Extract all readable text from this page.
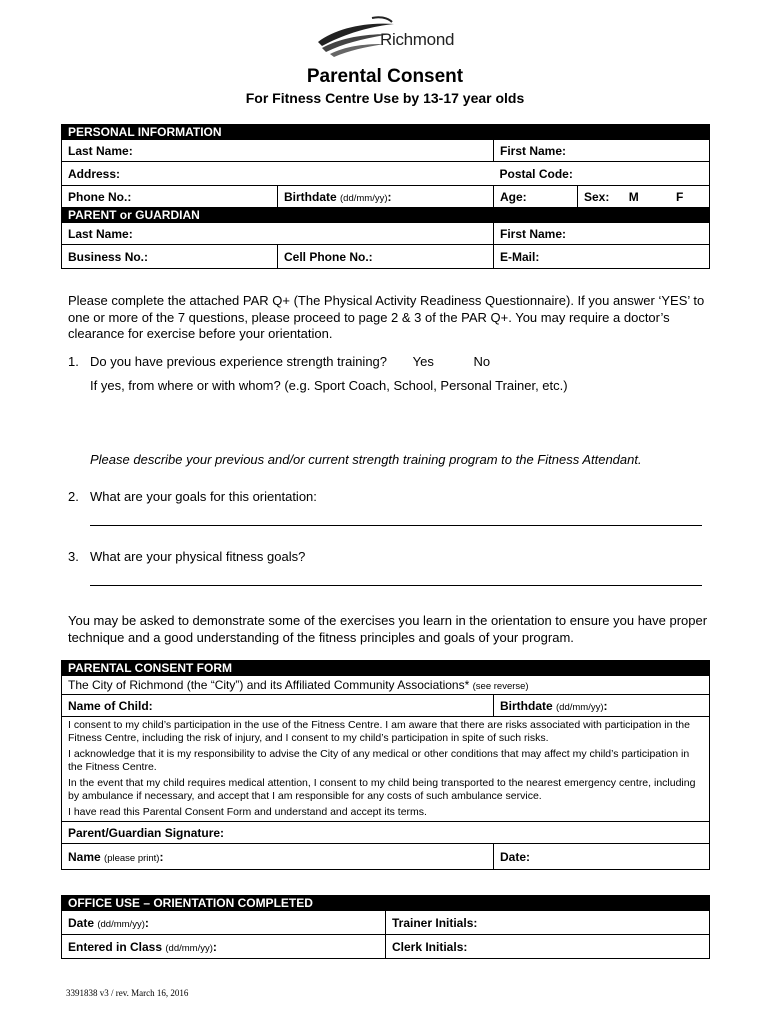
Richmond
Parental Consent
For Fitness Centre Use by 13-17 year olds
PERSONAL INFORMATION			
Last Name:		First Name:	
Address:		Postal Code:	
Phone No.:	Birthdate (dd/mm/yy):	Age:	Sex: M F
PARENT or GUARDIAN			
Last Name:		First Name:	
Business No.:	Cell Phone No.:	E-Mail:	
Please complete the attached PAR Q+ (The Physical Activity Readiness Questionnaire). If you answer ‘YES’ to one or more of the 7 questions, please proceed to page 2 & 3 of the PAR Q+. You may require a doctor’s clearance for exercise before your orientation.
1. Do you have previous experience strength training? Yes	No
If yes, from where or with whom? (e.g. Sport Coach, School, Personal Trainer, etc.)
Please describe your previous and/or current strength training program to the Fitness Attendant.
2. What are your goals for this orientation:
3. What are your physical fitness goals?
You may be asked to demonstrate some of the exercises you learn in the orientation to ensure you have proper technique and a good understanding of the fitness principles and goals of your program.
PARENTAL CONSENT FORM	
The City of Richmond (the “City”) and its Affiliated Community Associations* (see reverse)	
Name of Child:	Birthdate (dd/mm/yy):

I consent to my child’s participation in the use of the Fitness Centre. I am aware that there are risks associated with participation in the Fitness Centre, including the risk of injury, and I consent to my child’s participation in spite of such risks.
I acknowledge that it is my responsibility to advise the City of any medical or other conditions that may affect my child’s participation in the Fitness Centre.
In the event that my child requires medical attention, I consent to my child being transported to the nearest emergency centre, including by ambulance if necessary, and accept that I am responsible for any costs of such ambulance service.
I have read this Parental Consent Form and understand and accept its terms.	

Parent/Guardian Signature:	
Name (please print):	Date:
OFFICE USE – ORIENTATION COMPLETED	
Date (dd/mm/yy):	Trainer Initials:
Entered in Class (dd/mm/yy):	Clerk Initials:
3391838 v3 / rev. March 16, 2016
